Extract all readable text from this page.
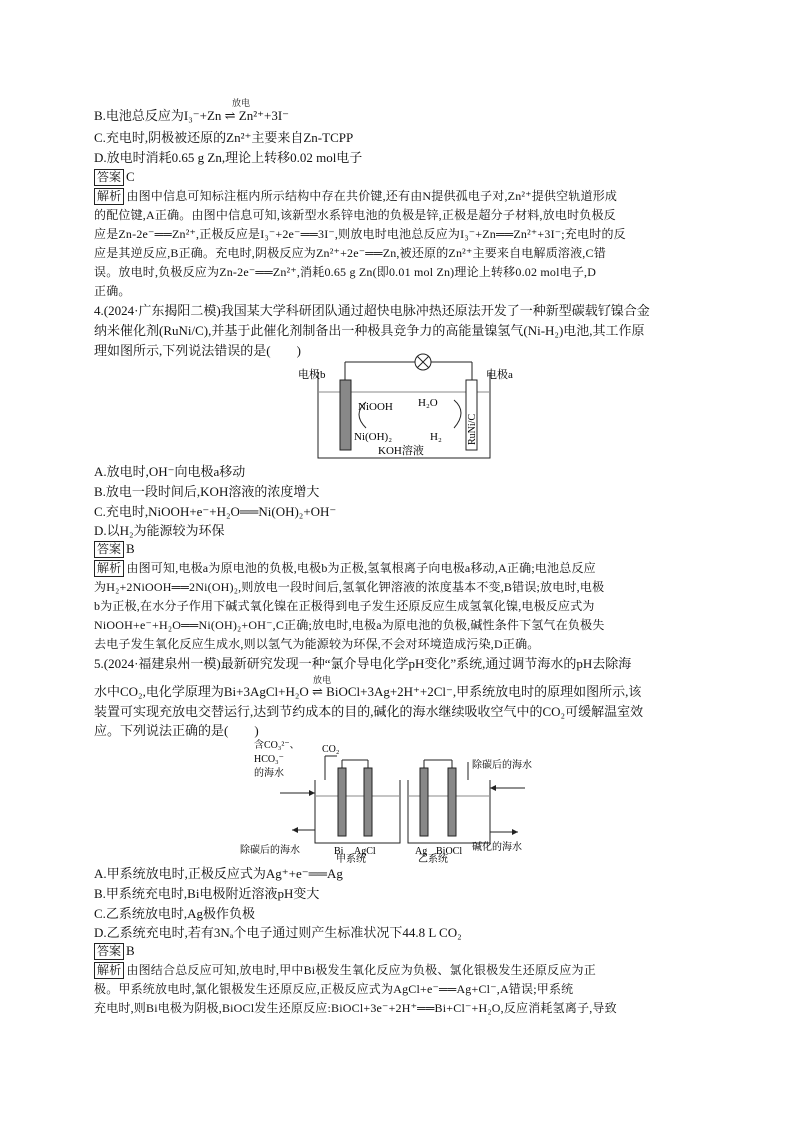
放电
B.电池总反应为I₃⁻+Zn ⇌ Zn²⁺+3I⁻
C.充电时,阴极被还原的Zn²⁺主要来自Zn-TCPP
D.放电时消耗0.65 g Zn,理论上转移0.02 mol电子
答案 C
解析 由图中信息可知标注框内所示结构中存在共价键,还有由N提供孤电子对,Zn²⁺提供空轨道形成
的配位键,A正确。由图中信息可知,该新型水系锌电池的负极是锌,正极是超分子材料,放电时负极反
应是Zn-2e⁻══Zn²⁺,正极反应是I₃⁻+2e⁻══3I⁻,则放电时电池总反应为I₃⁻+Zn══Zn²⁺+3I⁻;充电时的反
应是其逆反应,B正确。充电时,阴极反应为Zn²⁺+2e⁻══Zn,被还原的Zn²⁺主要来自电解质溶液,C错
误。放电时,负极反应为Zn-2e⁻══Zn²⁺,消耗0.65 g Zn(即0.01 mol Zn)理论上转移0.02 mol电子,D
正确。
4.(2024·广东揭阳二模)我国某大学科研团队通过超快电脉冲热还原法开发了一种新型碳载钌镍合金
纳米催化剂(RuNi/C),并基于此催化剂制备出一种极具竞争力的高能量镍氢气(Ni-H₂)电池,其工作原
理如图所示,下列说法错误的是(　　)
电极b	电极a
NiOOH
Ni(OH)₂
H₂O
H₂	RuNi/C
KOH溶液
A.放电时,OH⁻向电极a移动
B.放电一段时间后,KOH溶液的浓度增大
C.充电时,NiOOH+e⁻+H₂O══Ni(OH)₂+OH⁻
D.以H₂为能源较为环保
答案 B
解析 由图可知,电极a为原电池的负极,电极b为正极,氢氧根离子向电极a移动,A正确;电池总反应
为H₂+2NiOOH══2Ni(OH)₂,则放电一段时间后,氢氧化钾溶液的浓度基本不变,B错误;放电时,电极
b为正极,在水分子作用下碱式氧化镍在正极得到电子发生还原反应生成氢氧化镍,电极反应式为
NiOOH+e⁻+H₂O══Ni(OH)₂+OH⁻,C正确;放电时,电极a为原电池的负极,碱性条件下氢气在负极失
去电子发生氧化反应生成水,则以氢气为能源较为环保,不会对环境造成污染,D正确。
5.(2024·福建泉州一模)最新研究发现一种“氯介导电化学pH变化”系统,通过调节海水的pH去除海
放电
水中CO₂,电化学原理为Bi+3AgCl+H₂O ⇌ BiOCl+3Ag+2H⁺+2Cl⁻,甲系统放电时的原理如图所示,该
装置可实现充放电交替运行,达到节约成本的目的,碱化的海水继续吸收空气中的CO₂可缓解温室效
应。下列说法正确的是(　　)
含CO₃²⁻、
HCO₃⁻
的海水
CO₂
Bi AgCl	Ag BiOCl
除碳后的海水
甲系统	乙系统
除碳后的海水
碱化的海水
A.甲系统放电时,正极反应式为Ag⁺+e⁻══Ag
B.甲系统充电时,Bi电极附近溶液pH变大
C.乙系统放电时,Ag极作负极
D.乙系统充电时,若有3Nₐ个电子通过则产生标准状况下44.8 L CO₂
答案 B
解析 由图结合总反应可知,放电时,甲中Bi极发生氧化反应为负极、氯化银极发生还原反应为正
极。甲系统放电时,氯化银极发生还原反应,正极反应式为AgCl+e⁻══Ag+Cl⁻,A错误;甲系统
充电时,则Bi电极为阴极,BiOCl发生还原反应:BiOCl+3e⁻+2H⁺══Bi+Cl⁻+H₂O,反应消耗氢离子,导致
